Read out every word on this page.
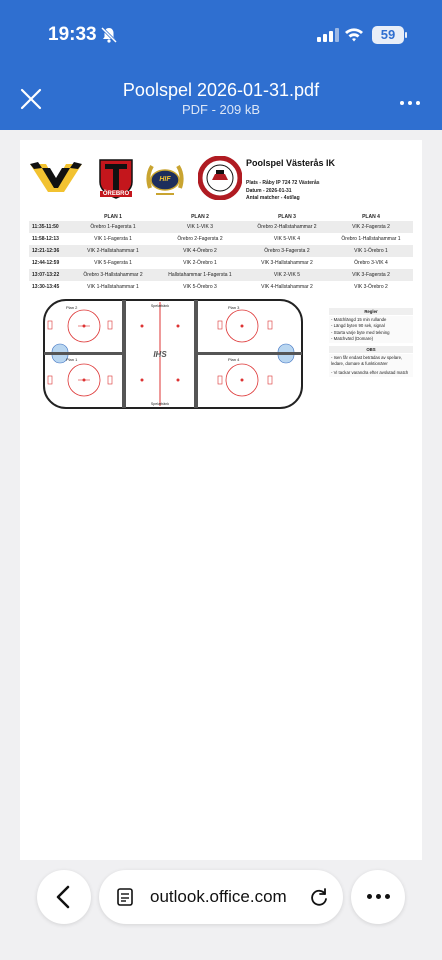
19:33	59
Poolspel 2026-01-31.pdf
PDF - 209 kB
ÖREBRO
HIF
Poolspel Västerås IK
Plats - Råby IP 724 72 Västerås
Datum - 2026-01-31
Antal matcher - 4st/lag
	PLAN 1	PLAN 2	PLAN 3	PLAN 4
11:35-11:50	Örebro 1-Fagersta 1	VIK 1-VIK 3	Örebro 2-Hallstahammar 2	VIK 2-Fagersta 2
11:58-12:13	VIK 1-Fagersta 1	Örebro 2-Fagersta 2	VIK 5-VIK 4	Örebro 1-Hallstahammar 1
12:21-12:36	VIK 2-Hallstahammar 1	VIK 4-Örebro 2	Örebro 3-Fagersta 2	VIK 1-Örebro 1
12:44-12:59	VIK 5-Fagersta 1	VIK 2-Örebro 1	VIK 3-Hallstahammar 2	Örebro 3-VIK 4
13:07-13:22	Örebro 3-Hallstahammar 2	Hallstahammar 1-Fagersta 1	VIK 2-VIK 5	VIK 3-Fagersta 2
13:30-13:45	VIK 1-Hallstahammar 1	VIK 5-Örebro 3	VIK 4-Hallstahammar 2	VIK 3-Örebro 2
IHS
Plan 2	Plan 3
Plan 1	Plan 4
Spelarbänk
Spelarbänk
Regler
- Matchlängd 15 min rullande
- Längd byten 90 sek, signal
- Starta varje byte med tekning
- Matchvärd (Domare)
OBS
- Isen får endast beträdas av spelare, ledare, domare & funktionärer
- Vi tackar varandra efter avslutad match
outlook.office.com
